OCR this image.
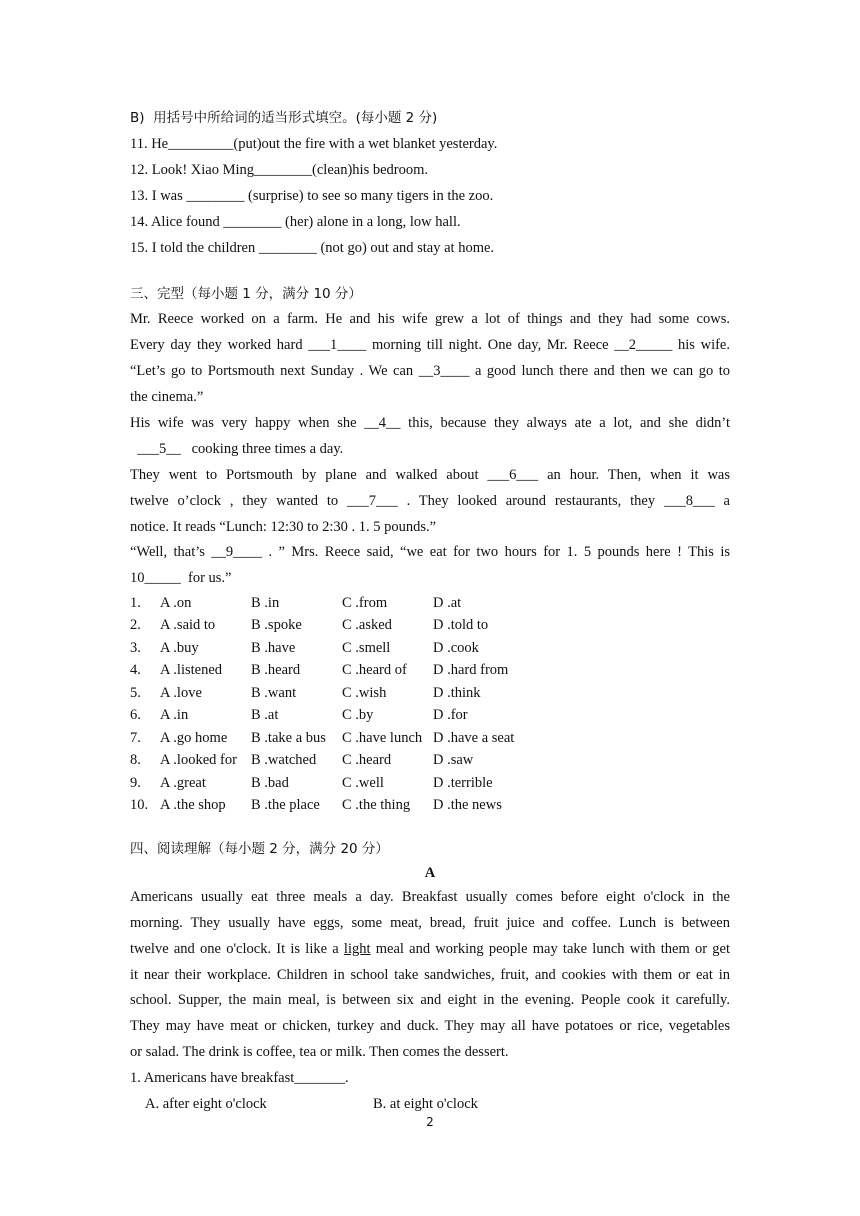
B)  用括号中所给词的适当形式填空。(每小题 2 分)
11. He_________(put)out the fire with a wet blanket yesterday.
12. Look! Xiao Ming________(clean)his bedroom.
13. I was ________ (surprise) to see so many tigers in the zoo.
14. Alice found ________ (her) alone in a long, low hall.
15. I told the children ________ (not go) out and stay at home.
三、完型（每小题 1 分，满分 10 分）
Mr. Reece worked on a farm. He and his wife grew a lot of things and they had some cows.
Every day they worked hard ___1____ morning till night. One day, Mr. Reece __2_____ his wife.
“Let’s go to Portsmouth next Sunday . We can __3____ a good lunch there and then we can go to
the cinema.”
His wife was very happy when she __4__ this, because they always ate a lot, and she didn’t
___5__   cooking three times a day.
They went to Portsmouth by plane and walked about ___6___ an hour. Then, when it was
twelve o’clock , they wanted to ___7___ . They looked around restaurants, they ___8___ a
notice. It reads “Lunch: 12:30 to 2:30 . 1. 5 pounds.”
“Well, that’s __9____ . ” Mrs. Reece said, “we eat for two hours for 1. 5 pounds here ! This is
10_____  for us.”
1. A .on	B .in	C .from	D .at
2. A .said to B .spoke	C .asked	D .told to
3. A .buy	B .have	C .smell	D .cook
4. A .listened B .heard	C .heard of D .hard from
5. A .love	B .want	C .wish	D .think
6. A .in	B .at	C .by	D .for
7. A .go home B .take a bus C .have lunch D .have a seat
8. A .looked for B .watched C .heard	D .saw
9. A .great	B .bad	C .well	D .terrible
10. A .the shop B .the place C .the thing D .the news
四、阅读理解（每小题 2 分，满分 20 分）
A
Americans usually eat three meals a day. Breakfast usually comes before eight o'clock in the
morning. They usually have eggs, some meat, bread, fruit juice and coffee. Lunch is between
twelve and one o'clock. It is like a light meal and working people may take lunch with them or get
it near their workplace. Children in school take sandwiches, fruit, and cookies with them or eat in
school. Supper, the main meal, is between six and eight in the evening. People cook it carefully.
They may have meat or chicken, turkey and duck. They may all have potatoes or rice, vegetables
or salad. The drink is coffee, tea or milk. Then comes the dessert.
1. Americans have breakfast_______.
A. after eight o'clock	B. at eight o'clock
2
